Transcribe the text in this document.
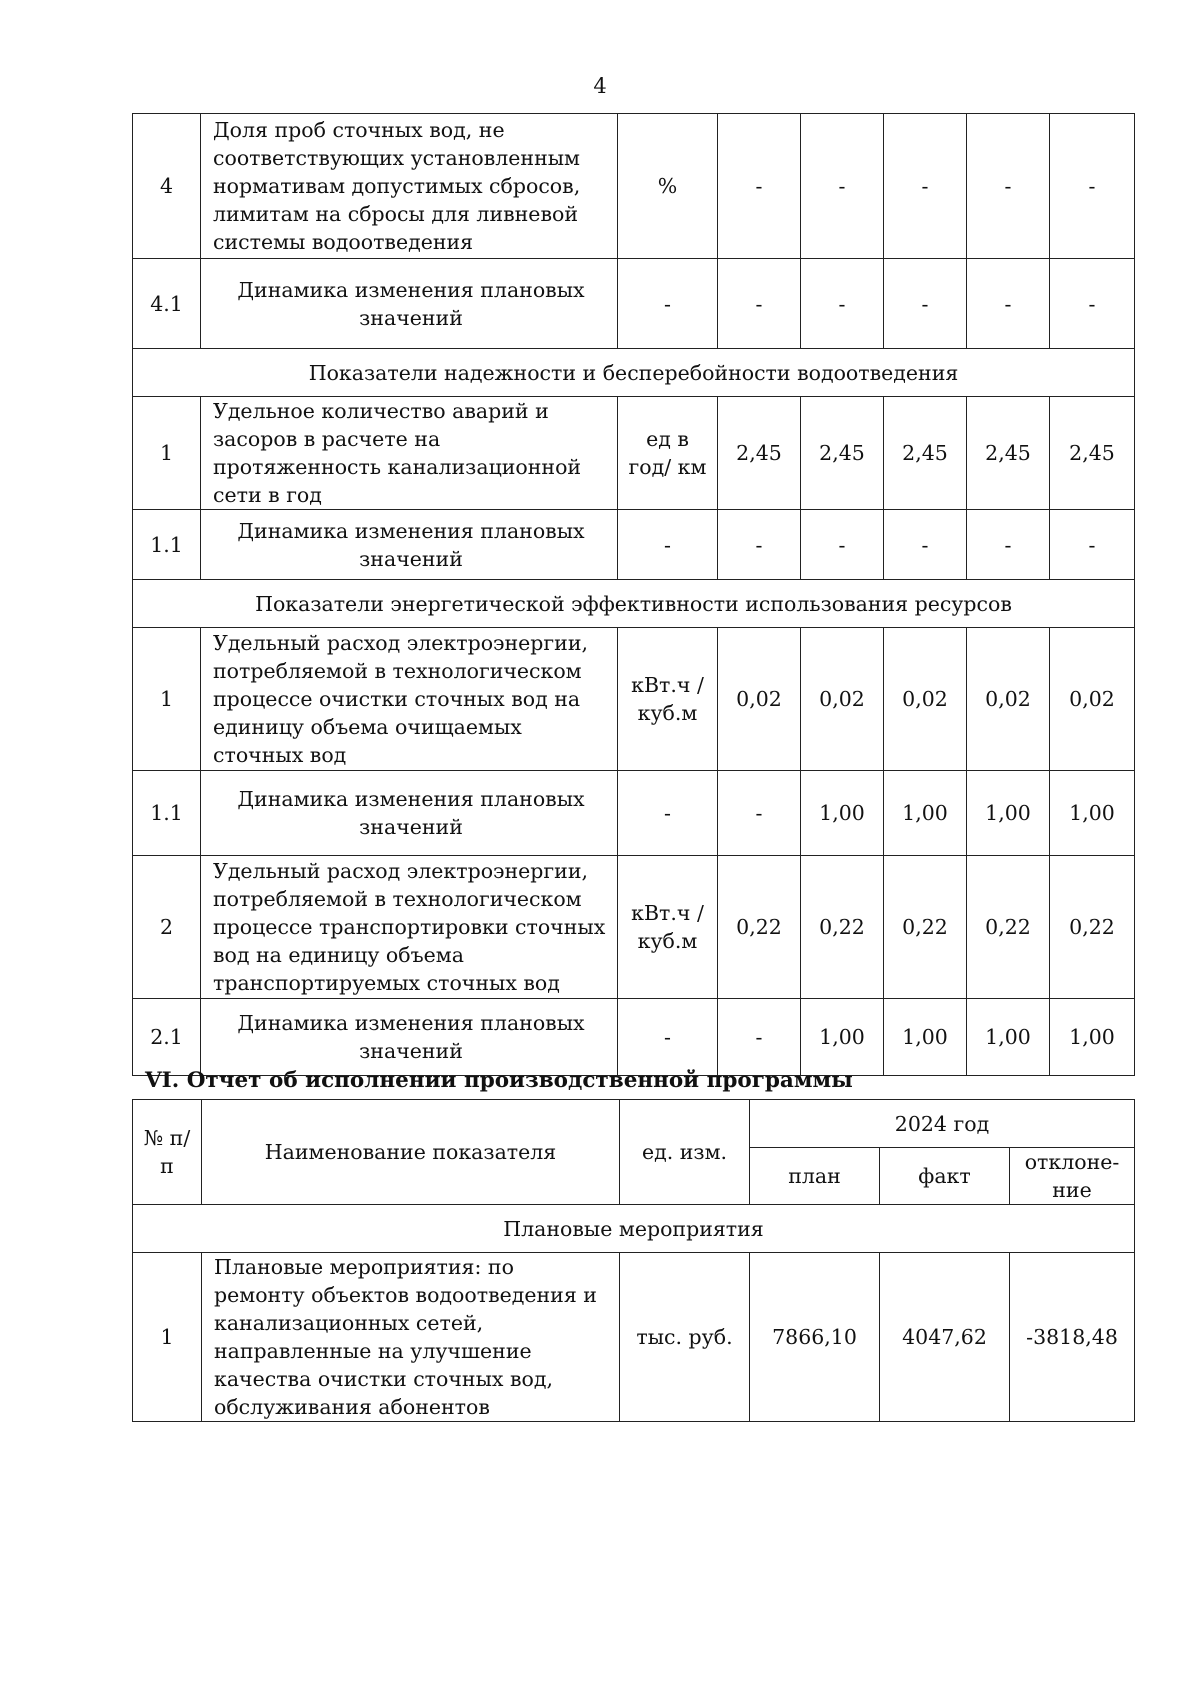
4
4	Доля проб сточных вод, не соответствующих установленным нормативам допустимых сбросов, лимитам на сбросы для ливневой системы водоотведения	%	-	-	-	-	-
4.1	Динамика изменения плановых значений	-	-	-	-	-	-
Показатели надежности и бесперебойности водоотведения							
1	Удельное количество аварий и засоров в расчете на протяженность канализационной сети в год	ед в год/ км	2,45	2,45	2,45	2,45	2,45
1.1	Динамика изменения плановых значений	-	-	-	-	-	-
Показатели энергетической эффективности использования ресурсов							
1	Удельный расход электроэнергии, потребляемой в технологическом процессе очистки сточных вод на единицу объема очищаемых сточных вод	кВт.ч / куб.м	0,02	0,02	0,02	0,02	0,02
1.1	Динамика изменения плановых значений	-	-	1,00	1,00	1,00	1,00
2	Удельный расход электроэнергии, потребляемой в технологическом процессе транспортировки сточных вод на единицу объема транспортируемых сточных вод	кВт.ч / куб.м	0,22	0,22	0,22	0,22	0,22
2.1	Динамика изменения плановых значений	-	-	1,00	1,00	1,00	1,00
VI. Отчет об исполнении производственной программы
№ п/п	Наименование показателя	ед. изм.	2024 год		
			план	факт	отклоне-ние
Плановые мероприятия					
1	Плановые мероприятия: по ремонту объектов водоотведения и канализационных сетей, направленные на улучшение качества очистки сточных вод, обслуживания абонентов	тыс. руб.	7866,10	4047,62	-3818,48
